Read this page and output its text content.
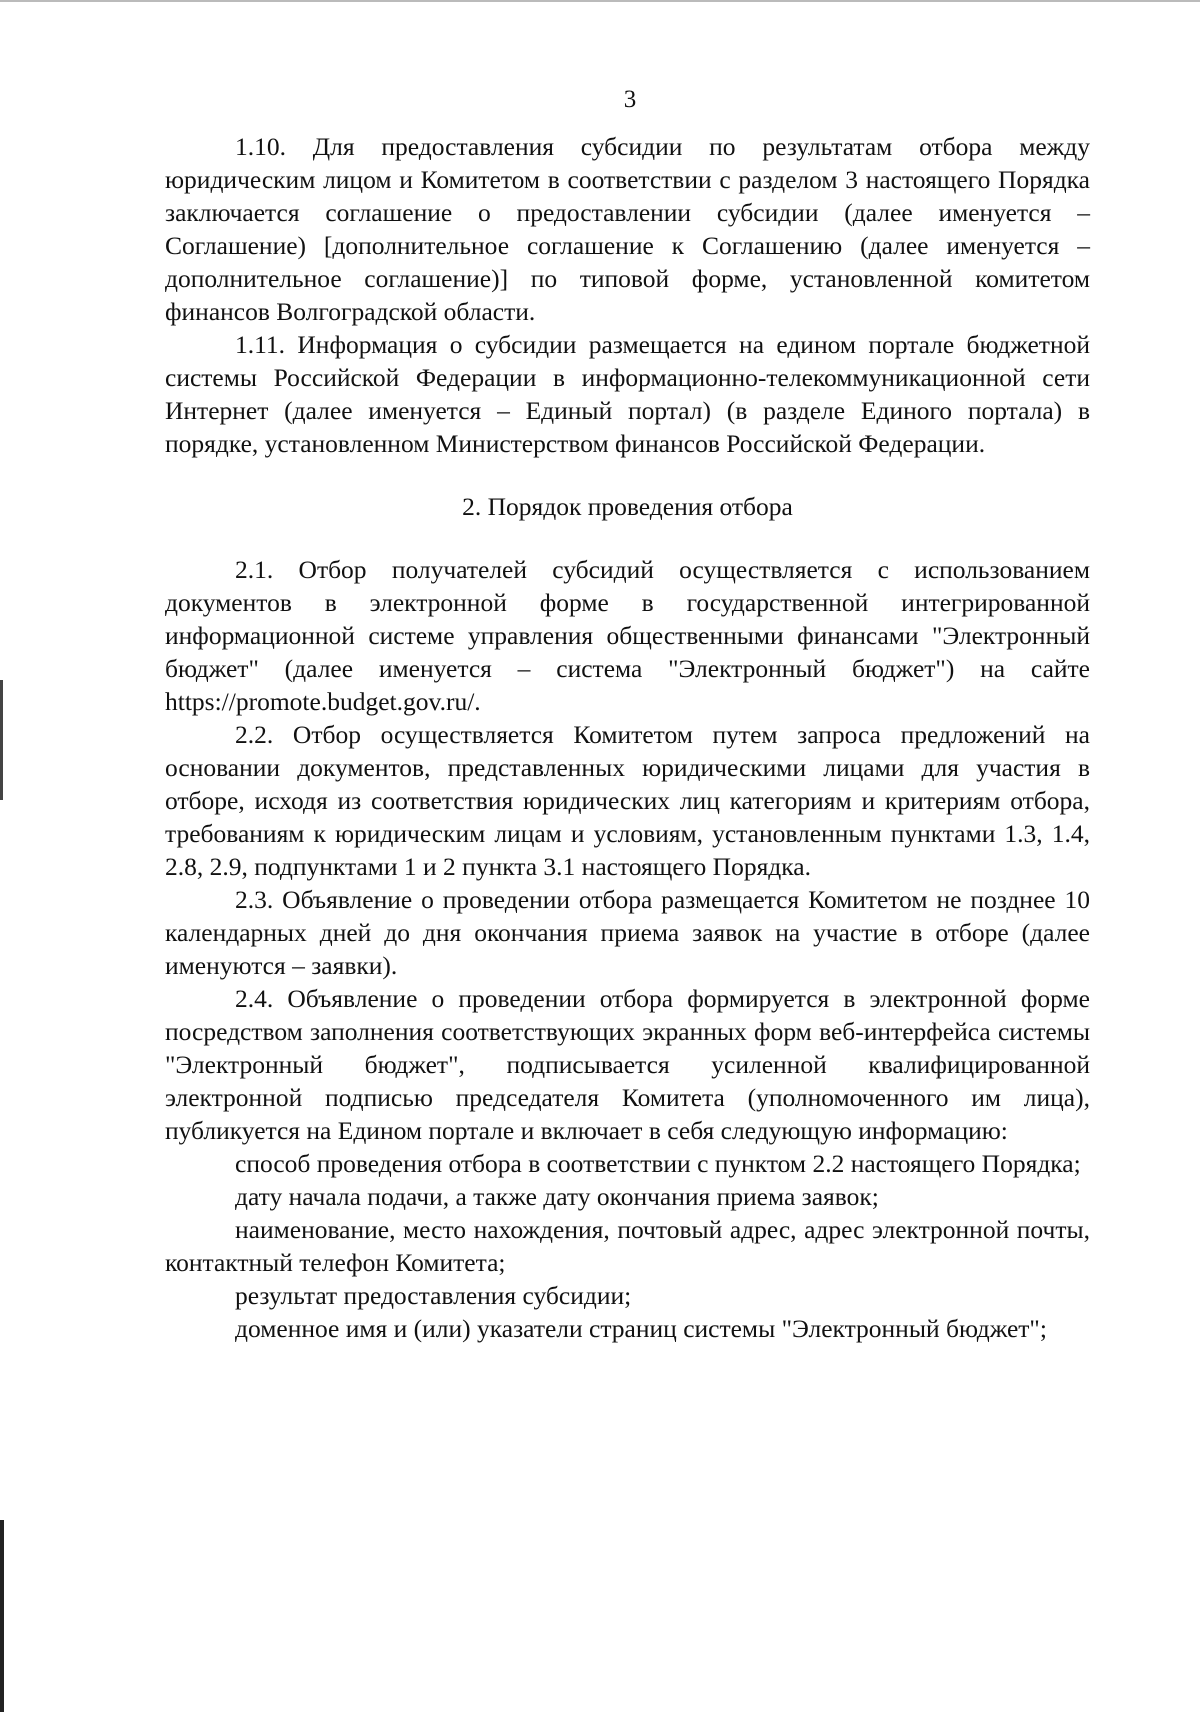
3

1.10. Для предоставления субсидии по результатам отбора между юридическим лицом и Комитетом в соответствии с разделом 3 настоящего Порядка заключается соглашение о предоставлении субсидии (далее именуется – Соглашение) [дополнительное соглашение к Соглашению (далее именуется – дополнительное соглашение)] по типовой форме, установленной комитетом финансов Волгоградской области.

1.11. Информация о субсидии размещается на едином портале бюджетной системы Российской Федерации в информационно-телекоммуникационной сети Интернет (далее именуется – Единый портал) (в разделе Единого портала) в порядке, установленном Министерством финансов Российской Федерации.

2. Порядок проведения отбора

2.1. Отбор получателей субсидий осуществляется с использованием документов в электронной форме в государственной интегрированной информационной системе управления общественными финансами "Электронный бюджет" (далее именуется – система "Электронный бюджет") на сайте https://promote.budget.gov.ru/.

2.2. Отбор осуществляется Комитетом путем запроса предложений на основании документов, представленных юридическими лицами для участия в отборе, исходя из соответствия юридических лиц категориям и критериям отбора, требованиям к юридическим лицам и условиям, установленным пунктами 1.3, 1.4, 2.8, 2.9, подпунктами 1 и 2 пункта 3.1 настоящего Порядка.

2.3. Объявление о проведении отбора размещается Комитетом не позднее 10 календарных дней до дня окончания приема заявок на участие в отборе (далее именуются – заявки).

2.4. Объявление о проведении отбора формируется в электронной форме посредством заполнения соответствующих экранных форм веб-интерфейса системы "Электронный бюджет", подписывается усиленной квалифицированной электронной подписью председателя Комитета (уполномоченного им лица), публикуется на Едином портале и включает в себя следующую информацию:

способ проведения отбора в соответствии с пунктом 2.2 настоящего Порядка;

дату начала подачи, а также дату окончания приема заявок;

наименование, место нахождения, почтовый адрес, адрес электронной почты, контактный телефон Комитета;

результат предоставления субсидии;

доменное имя и (или) указатели страниц системы "Электронный бюджет";
